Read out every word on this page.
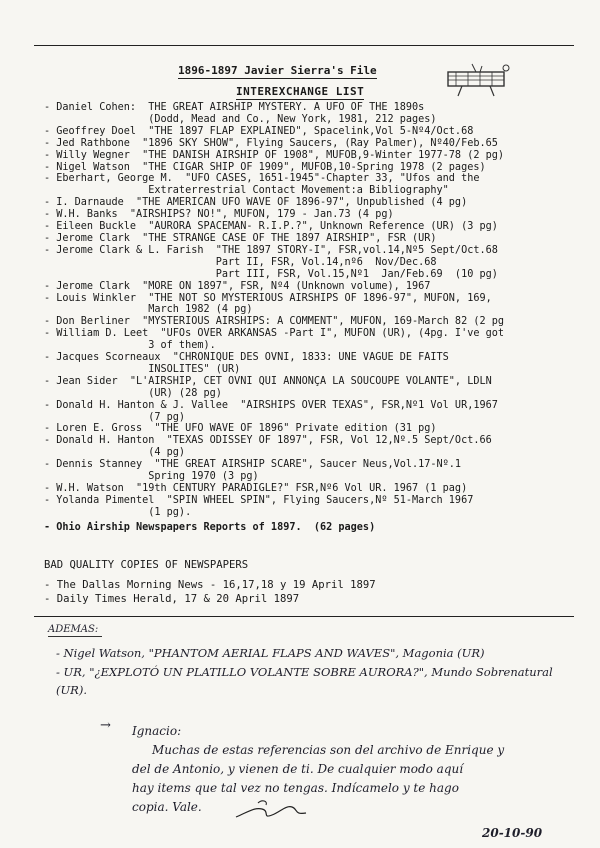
1896-1897 Javier Sierra's File
INTEREXCHANGE LIST
- Daniel Cohen:  THE GREAT AIRSHIP MYSTERY. A UFO OF THE 1890s
(Dodd, Mead and Co., New York, 1981, 212 pages)
- Geoffrey Doel  "THE 1897 FLAP EXPLAINED", Spacelink,Vol 5-Nº4/Oct.68
- Jed Rathbone  "1896 SKY SHOW", Flying Saucers, (Ray Palmer), Nº40/Feb.65
- Willy Wegner  "THE DANISH AIRSHIP OF 1908", MUFOB,9-Winter 1977-78 (2 pg)
- Nigel Watson  "THE CIGAR SHIP OF 1909", MUFOB,10-Spring 1978 (2 pages)
- Eberhart, George M.  "UFO CASES, 1651-1945"-Chapter 33, "Ufos and the
Extraterrestrial Contact Movement:a Bibliography"
- I. Darnaude  "THE AMERICAN UFO WAVE OF 1896-97", Unpublished (4 pg)
- W.H. Banks  "AIRSHIPS? NO!", MUFON, 179 - Jan.73 (4 pg)
- Eileen Buckle  "AURORA SPACEMAN- R.I.P.?", Unknown Reference (UR) (3 pg)
- Jerome Clark  "THE STRANGE CASE OF THE 1897 AIRSHIP", FSR (UR)
- Jerome Clark & L. Farish  "THE 1897 STORY-I", FSR,vol.14,Nº5 Sept/Oct.68
Part II, FSR, Vol.14,nº6  Nov/Dec.68
Part III, FSR, Vol.15,Nº1  Jan/Feb.69  (10 pg)
- Jerome Clark  "MORE ON 1897", FSR, Nº4 (Unknown volume), 1967
- Louis Winkler  "THE NOT SO MYSTERIOUS AIRSHIPS OF 1896-97", MUFON, 169,
March 1982 (4 pg)
- Don Berliner  "MYSTERIOUS AIRSHIPS: A COMMENT", MUFON, 169-March 82 (2 pg
- William D. Leet  "UFOs OVER ARKANSAS -Part I", MUFON (UR), (4pg. I've got
3 of them).
- Jacques Scorneaux  "CHRONIQUE DES OVNI, 1833: UNE VAGUE DE FAITS
INSOLITES" (UR)
- Jean Sider  "L'AIRSHIP, CET OVNI QUI ANNONÇA LA SOUCOUPE VOLANTE", LDLN
(UR) (28 pg)
- Donald H. Hanton & J. Vallee  "AIRSHIPS OVER TEXAS", FSR,Nº1 Vol UR,1967
(7 pg)
- Loren E. Gross  "THE UFO WAVE OF 1896" Private edition (31 pg)
- Donald H. Hanton  "TEXAS ODISSEY OF 1897", FSR, Vol 12,Nº.5 Sept/Oct.66
(4 pg)
- Dennis Stanney  "THE GREAT AIRSHIP SCARE", Saucer Neus,Vol.17-Nº.1
Spring 1970 (3 pg)
- W.H. Watson  "19th CENTURY PARADIGLE?" FSR,Nº6 Vol UR. 1967 (1 pag)
- Yolanda Pimentel  "SPIN WHEEL SPIN", Flying Saucers,Nº 51-March 1967
(1 pg).
- Ohio Airship Newspapers Reports of 1897.  (62 pages)
BAD QUALITY COPIES OF NEWSPAPERS
- The Dallas Morning News - 16,17,18 y 19 April 1897
- Daily Times Herald, 17 & 20 April 1897
ADEMAS:
- Nigel Watson, "PHANTOM AERIAL FLAPS AND WAVES", Magonia (UR)
- UR, "¿EXPLOTÓ UN PLATILLO VOLANTE SOBRE AURORA?", Mundo Sobrenatural
(UR).
→ Ignacio:
Muchas de estas referencias son del archivo de Enrique y
del de Antonio, y vienen de ti. De cualquier modo aquí
hay items que tal vez no tengas. Indícamelo y te hago
copia. Vale.
20-10-90
